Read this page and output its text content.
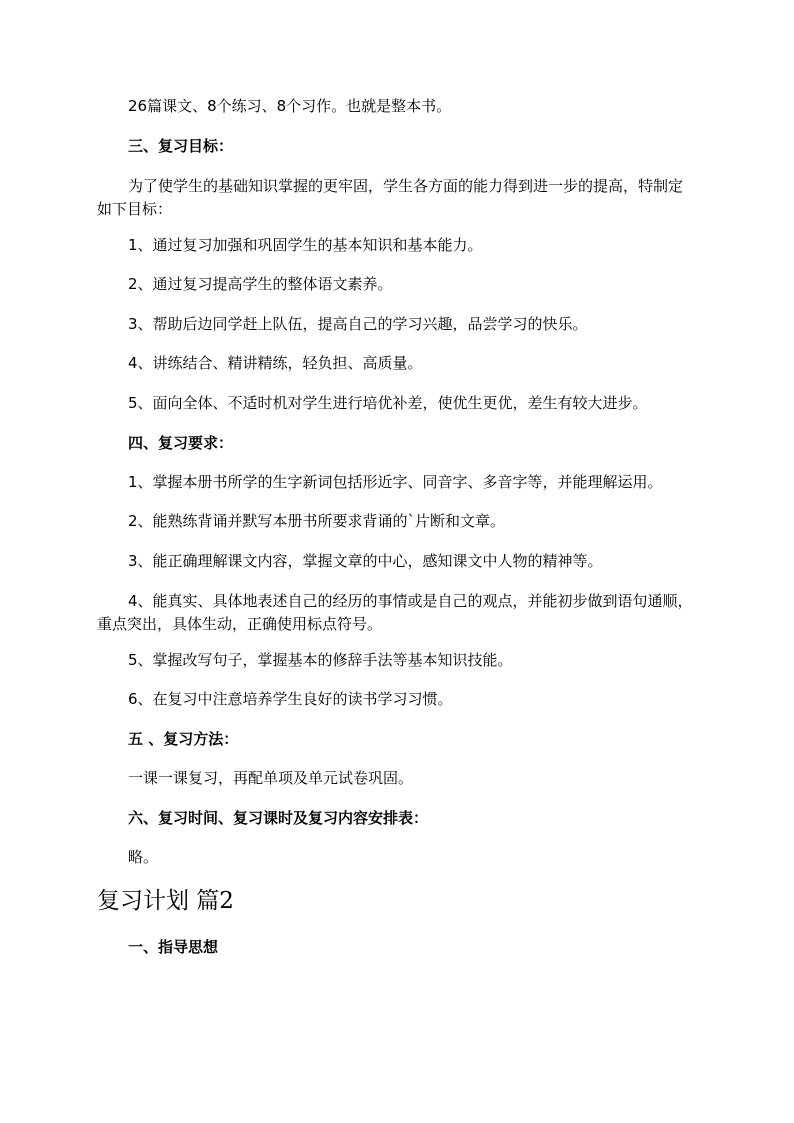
26篇课文、8个练习、8个习作。也就是整本书。

三、复习目标：

为了使学生的基础知识掌握的更牢固，学生各方面的能力得到进一步的提高，特制定如下目标：

1、通过复习加强和巩固学生的基本知识和基本能力。

2、通过复习提高学生的整体语文素养。

3、帮助后边同学赶上队伍，提高自己的学习兴趣，品尝学习的快乐。

4、讲练结合、精讲精练，轻负担、高质量。

5、面向全体、不适时机对学生进行培优补差，使优生更优，差生有较大进步。

四、复习要求：

1、掌握本册书所学的生字新词包括形近字、同音字、多音字等，并能理解运用。

2、能熟练背诵并默写本册书所要求背诵的`片断和文章。

3、能正确理解课文内容，掌握文章的中心，感知课文中人物的精神等。

4、能真实、具体地表述自己的经历的事情或是自己的观点，并能初步做到语句通顺，重点突出，具体生动，正确使用标点符号。

5、掌握改写句子，掌握基本的修辞手法等基本知识技能。

6、在复习中注意培养学生良好的读书学习习惯。

五 、复习方法：

一课一课复习，再配单项及单元试卷巩固。

六、复习时间、复习课时及复习内容安排表：

略。

复习计划 篇2

一、指导思想
